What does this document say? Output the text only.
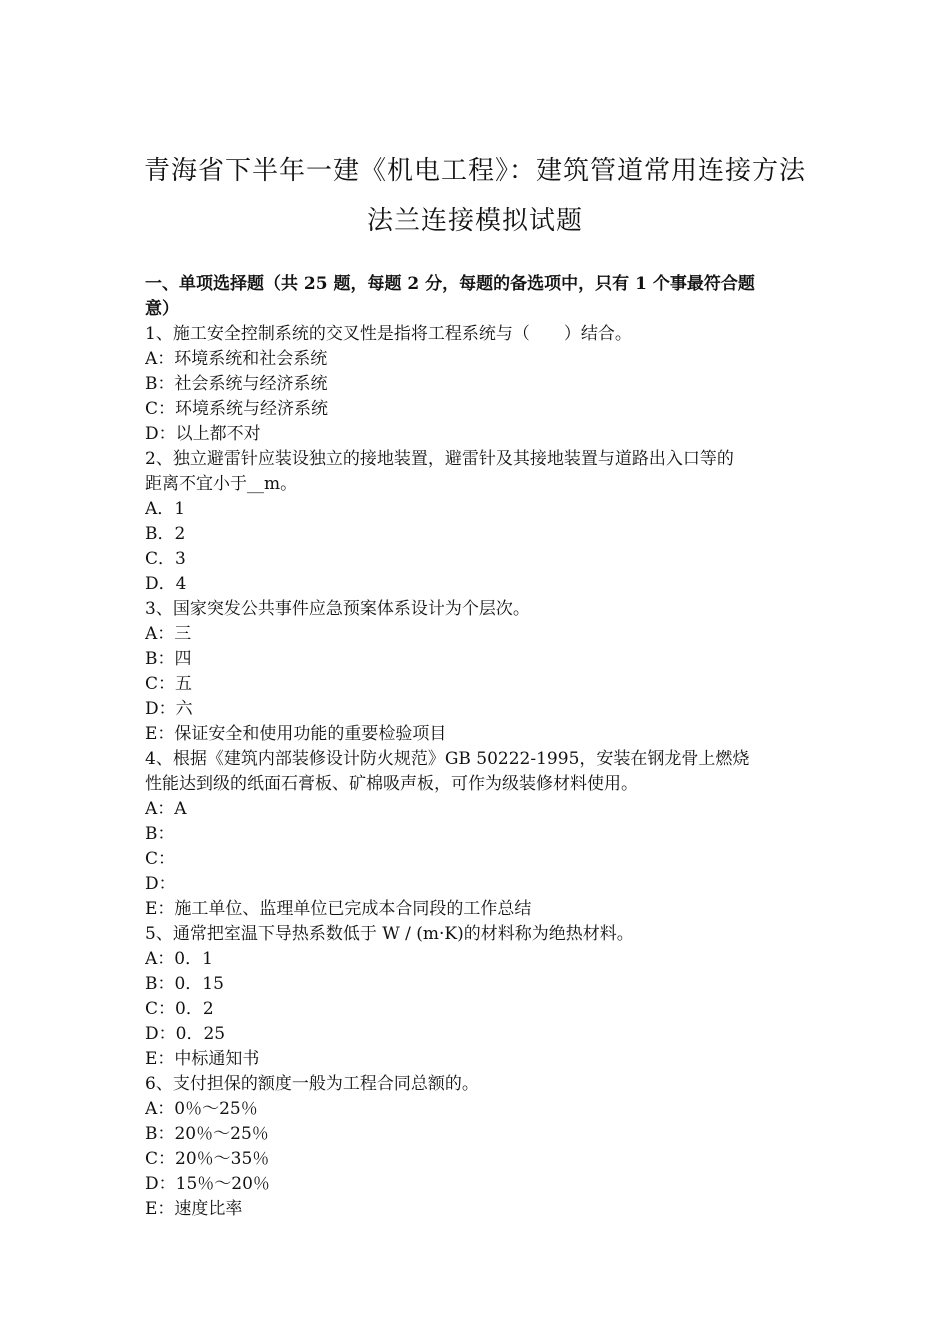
青海省下半年一建《机电工程》：建筑管道常用连接方法
法兰连接模拟试题
一、单项选择题（共 25 题，每题 2 分，每题的备选项中，只有 1 个事最符合题
意）
1、施工安全控制系统的交叉性是指将工程系统与（　　）结合。
A：环境系统和社会系统
B：社会系统与经济系统
C：环境系统与经济系统
D：以上都不对
2、独立避雷针应装设独立的接地装置，避雷针及其接地装置与道路出入口等的
距离不宜小于__m。
A．1
B．2
C．3
D．4
3、国家突发公共事件应急预案体系设计为个层次。
A：三
B：四
C：五
D：六
E：保证安全和使用功能的重要检验项目
4、根据《建筑内部装修设计防火规范》GB 50222-1995，安装在钢龙骨上燃烧
性能达到级的纸面石膏板、矿棉吸声板，可作为级装修材料使用。
A：A
B：
C：
D：
E：施工单位、监理单位已完成本合同段的工作总结
5、通常把室温下导热系数低于 W / (m·K)的材料称为绝热材料。
A：0．1
B：0．15
C：0．2
D：0．25
E：中标通知书
6、支付担保的额度一般为工程合同总额的。
A：0％～25％
B：20％～25％
C：20％～35％
D：15％～20％
E：速度比率
